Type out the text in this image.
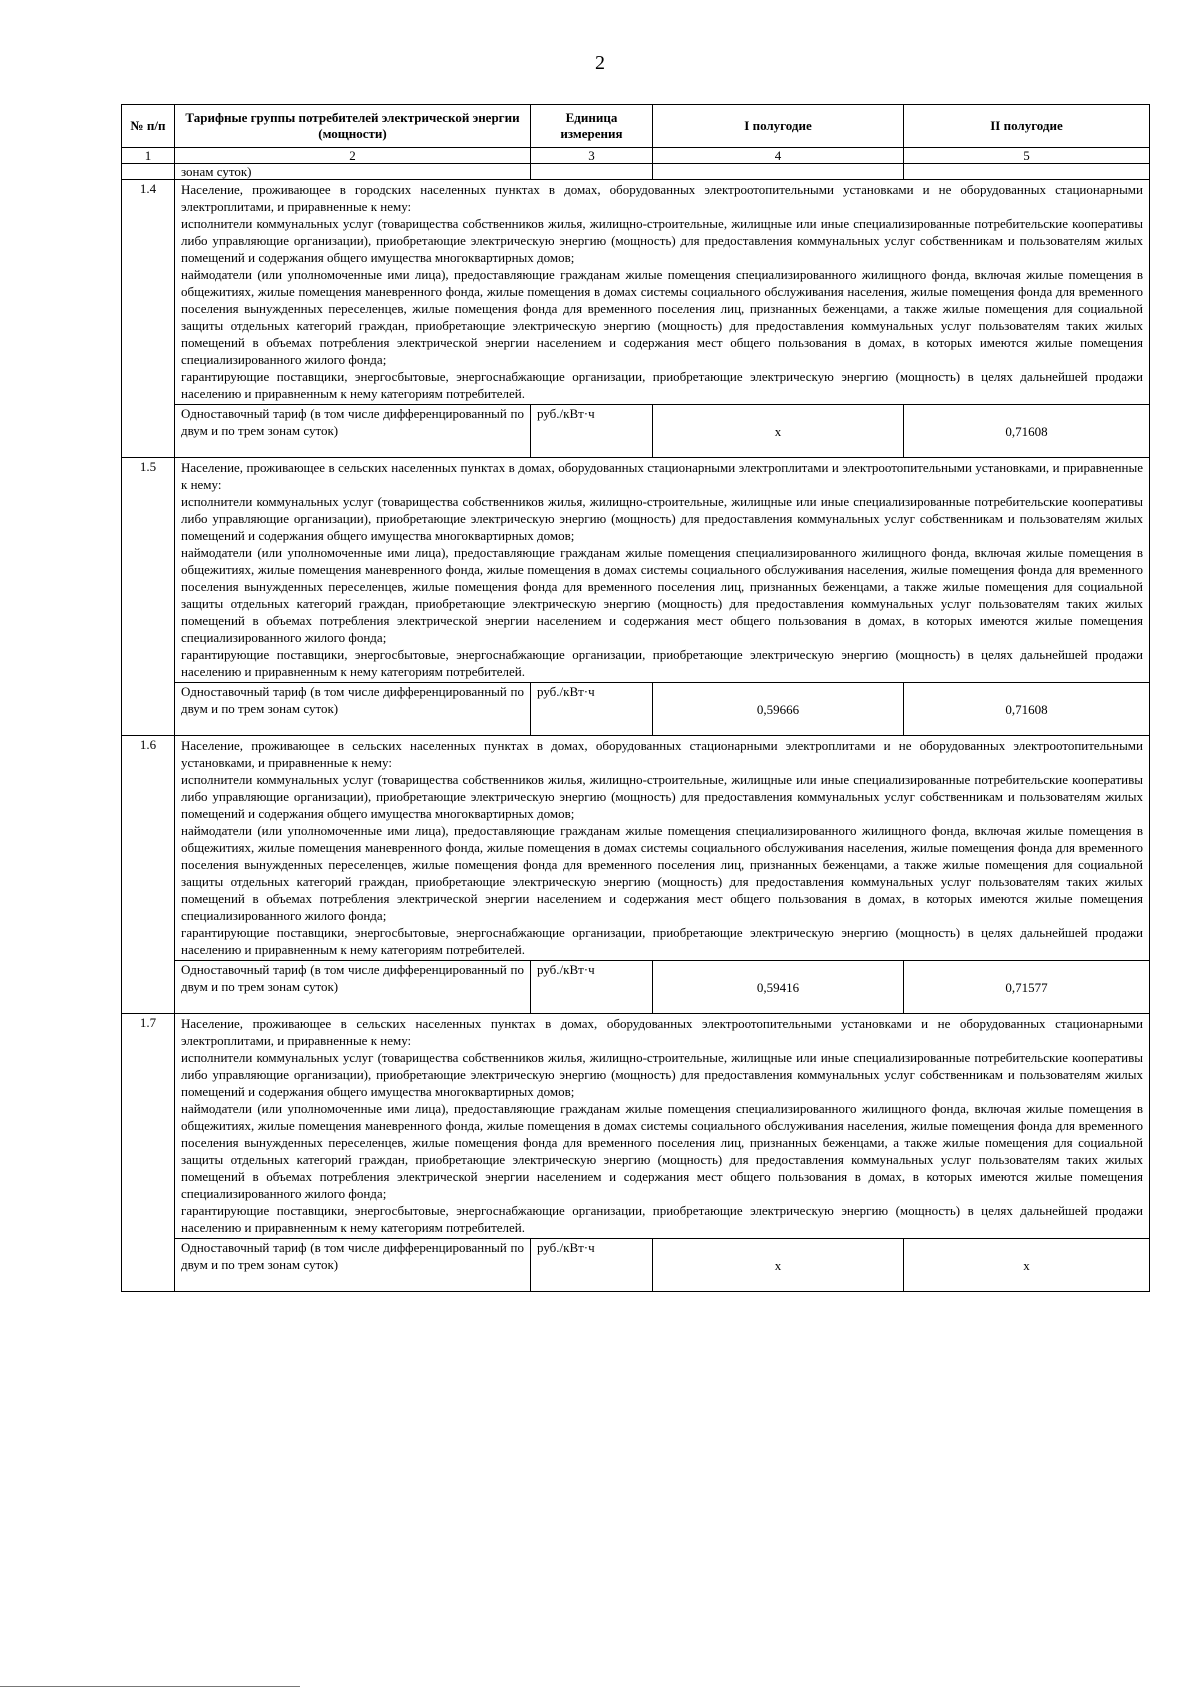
2
№ п/п	Тарифные группы потребителей электрической энергии (мощности)	Единица измерения	I полугодие	II полугодие
1	2	3	4	5
	зонам суток)			
1.4	Население, проживающее в городских населенных пунктах в домах, оборудованных электроотопительными установками и не оборудованных стационарными электроплитами, и приравненные к нему:

исполнители коммунальных услуг (товарищества собственников жилья, жилищно-строительные, жилищные или иные специализированные потребительские кооперативы либо управляющие организации), приобретающие электрическую энергию (мощность) для предоставления коммунальных услуг собственникам и пользователям жилых помещений и содержания общего имущества многоквартирных домов;

наймодатели (или уполномоченные ими лица), предоставляющие гражданам жилые помещения специализированного жилищного фонда, включая жилые помещения в общежитиях, жилые помещения маневренного фонда, жилые помещения в домах системы социального обслуживания населения, жилые помещения фонда для временного поселения вынужденных переселенцев, жилые помещения фонда для временного поселения лиц, признанных беженцами, а также жилые помещения для социальной защиты отдельных категорий граждан, приобретающие электрическую энергию (мощность) для предоставления коммунальных услуг пользователям таких жилых помещений в объемах потребления электрической энергии населением и содержания мест общего пользования в домах, в которых имеются жилые помещения специализированного жилого фонда;

гарантирующие поставщики, энергосбытовые, энергоснабжающие организации, приобретающие электрическую энергию (мощность) в целях дальнейшей продажи населению и приравненным к нему категориям потребителей.			

	Одноставочный тариф (в том числе дифференцированный по двум и по трем зонам суток)	руб./кВт·ч	x	0,71608
1.5	Население, проживающее в сельских населенных пунктах в домах, оборудованных стационарными электроплитами и электроотопительными установками, и приравненные к нему:

исполнители коммунальных услуг (товарищества собственников жилья, жилищно-строительные, жилищные или иные специализированные потребительские кооперативы либо управляющие организации), приобретающие электрическую энергию (мощность) для предоставления коммунальных услуг собственникам и пользователям жилых помещений и содержания общего имущества многоквартирных домов;

наймодатели (или уполномоченные ими лица), предоставляющие гражданам жилые помещения специализированного жилищного фонда, включая жилые помещения в общежитиях, жилые помещения маневренного фонда, жилые помещения в домах системы социального обслуживания населения, жилые помещения фонда для временного поселения вынужденных переселенцев, жилые помещения фонда для временного поселения лиц, признанных беженцами, а также жилые помещения для социальной защиты отдельных категорий граждан, приобретающие электрическую энергию (мощность) для предоставления коммунальных услуг пользователям таких жилых помещений в объемах потребления электрической энергии населением и содержания мест общего пользования в домах, в которых имеются жилые помещения специализированного жилого фонда;

гарантирующие поставщики, энергосбытовые, энергоснабжающие организации, приобретающие электрическую энергию (мощность) в целях дальнейшей продажи населению и приравненным к нему категориям потребителей.			

	Одноставочный тариф (в том числе дифференцированный по двум и по трем зонам суток)	руб./кВт·ч	0,59666	0,71608
1.6	Население, проживающее в сельских населенных пунктах в домах, оборудованных стационарными электроплитами и не оборудованных электроотопительными установками, и приравненные к нему:

исполнители коммунальных услуг (товарищества собственников жилья, жилищно-строительные, жилищные или иные специализированные потребительские кооперативы либо управляющие организации), приобретающие электрическую энергию (мощность) для предоставления коммунальных услуг собственникам и пользователям жилых помещений и содержания общего имущества многоквартирных домов;

наймодатели (или уполномоченные ими лица), предоставляющие гражданам жилые помещения специализированного жилищного фонда, включая жилые помещения в общежитиях, жилые помещения маневренного фонда, жилые помещения в домах системы социального обслуживания населения, жилые помещения фонда для временного поселения вынужденных переселенцев, жилые помещения фонда для временного поселения лиц, признанных беженцами, а также жилые помещения для социальной защиты отдельных категорий граждан, приобретающие электрическую энергию (мощность) для предоставления коммунальных услуг пользователям таких жилых помещений в объемах потребления электрической энергии населением и содержания мест общего пользования в домах, в которых имеются жилые помещения специализированного жилого фонда;

гарантирующие поставщики, энергосбытовые, энергоснабжающие организации, приобретающие электрическую энергию (мощность) в целях дальнейшей продажи населению и приравненным к нему категориям потребителей.			

	Одноставочный тариф (в том числе дифференцированный по двум и по трем зонам суток)	руб./кВт·ч	0,59416	0,71577
1.7	Население, проживающее в сельских населенных пунктах в домах, оборудованных электроотопительными установками и не оборудованных стационарными электроплитами, и приравненные к нему:

исполнители коммунальных услуг (товарищества собственников жилья, жилищно-строительные, жилищные или иные специализированные потребительские кооперативы либо управляющие организации), приобретающие электрическую энергию (мощность) для предоставления коммунальных услуг собственникам и пользователям жилых помещений и содержания общего имущества многоквартирных домов;

наймодатели (или уполномоченные ими лица), предоставляющие гражданам жилые помещения специализированного жилищного фонда, включая жилые помещения в общежитиях, жилые помещения маневренного фонда, жилые помещения в домах системы социального обслуживания населения, жилые помещения фонда для временного поселения вынужденных переселенцев, жилые помещения фонда для временного поселения лиц, признанных беженцами, а также жилые помещения для социальной защиты отдельных категорий граждан, приобретающие электрическую энергию (мощность) для предоставления коммунальных услуг пользователям таких жилых помещений в объемах потребления электрической энергии населением и содержания мест общего пользования в домах, в которых имеются жилые помещения специализированного жилого фонда;

гарантирующие поставщики, энергосбытовые, энергоснабжающие организации, приобретающие электрическую энергию (мощность) в целях дальнейшей продажи населению и приравненным к нему категориям потребителей.			

	Одноставочный тариф (в том числе дифференцированный по двум и по трем зонам суток)	руб./кВт·ч	x	x
